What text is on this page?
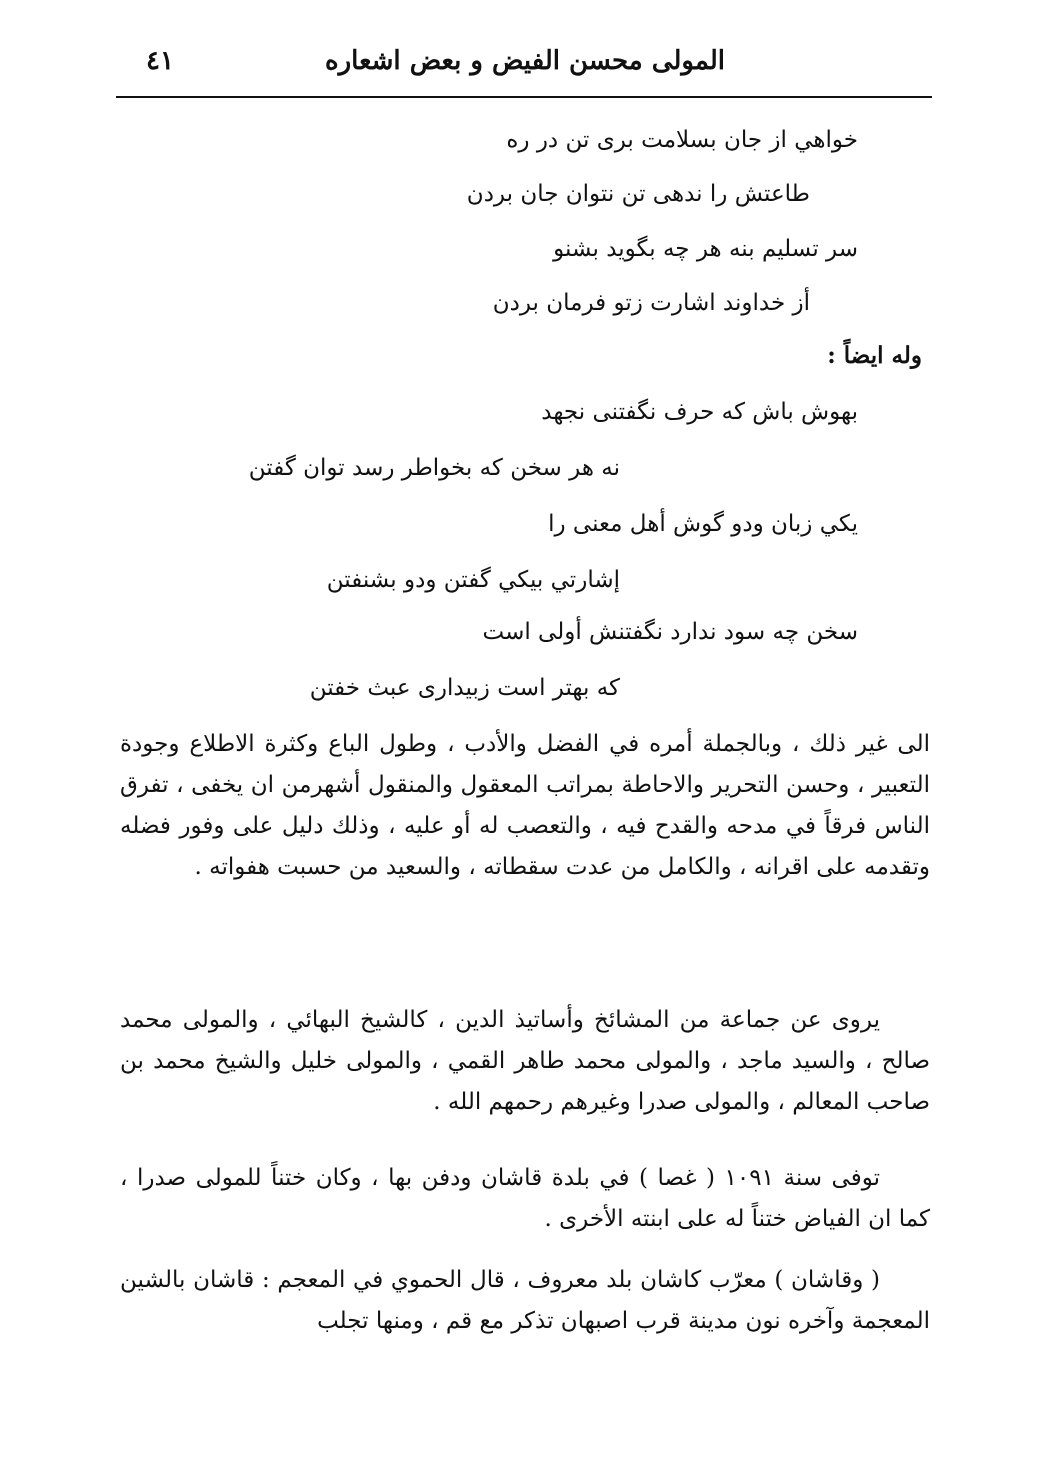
٤١	المولى محسن الفيض و بعض اشعاره
خواهي از جان بسلامت بری تن در ره
طاعتش را ندهی تن نتوان جان بردن
سر تسليم بنه هر چه بگويد بشنو
أز خداوند اشارت زتو فرمان بردن
وله ايضاً :
بهوش باش كه حرف نگفتنی نجهد
نه هر سخن كه بخواطر رسد توان گفتن
يكي زبان ودو گوش أهل معنى را
إشارتي بيكي گفتن ودو بشنفتن
سخن چه سود ندارد نگفتنش أولى است
كه بهتر است زبيداری عبث خفتن
الى غير ذلك ، وبالجملة أمره في الفضل والأدب ، وطول الباع وكثرة الاطلاع وجودة التعبير ، وحسن التحرير والاحاطة بمراتب المعقول والمنقول أشهرمن ان يخفى ، تفرق الناس فرقاً في مدحه والقدح فيه ، والتعصب له أو عليه ، وذلك دليل على وفور فضله وتقدمه على اقرانه ، والكامل من عدت سقطاته ، والسعيد من حسبت هفواته .
يروى عن جماعة من المشائخ وأساتيذ الدين ، كالشيخ البهائي ، والمولى محمد صالح ، والسيد ماجد ، والمولى محمد طاهر القمي ، والمولى خليل والشيخ محمد بن صاحب المعالم ، والمولى صدرا وغيرهم رحمهم الله .
توفى سنة ١٠٩١ ( غصا ) في بلدة قاشان ودفن بها ، وكان ختناً للمولى صدرا ، كما ان الفياض ختناً له على ابنته الأخرى .
( وقاشان ) معرّب كاشان بلد معروف ، قال الحموي في المعجم : قاشان بالشين المعجمة وآخره نون مدينة قرب اصبهان تذكر مع قم ، ومنها تجلب
